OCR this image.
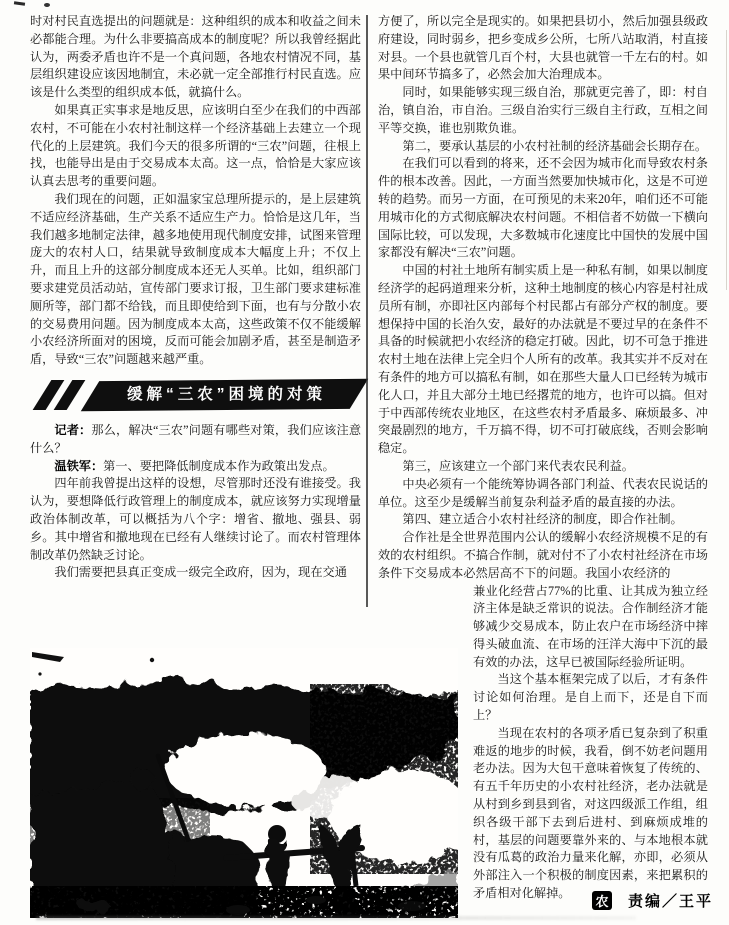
时对村民直选提出的问题就是：这种组织的成本和收益之间未必都能合理。为什么非要搞高成本的制度呢？所以我曾经据此认为，两委矛盾也许不是一个真问题，各地农村情况不同，基层组织建设应该因地制宜，未必就一定全部推行村民直选。应该是什么类型的组织成本低，就搞什么。

如果真正实事求是地反思，应该明白至少在我们的中西部农村，不可能在小农村社制这样一个经济基础上去建立一个现代化的上层建筑。我们今天的很多所谓的“三农”问题，往根上找，也能导出是由于交易成本太高。这一点，恰恰是大家应该认真去思考的重要问题。

我们现在的问题，正如温家宝总理所提示的，是上层建筑不适应经济基础，生产关系不适应生产力。恰恰是这几年，当我们越多地制定法律，越多地使用现代制度安排，试图来管理庞大的农村人口，结果就导致制度成本大幅度上升；不仅上升，而且上升的这部分制度成本还无人买单。比如，组织部门要求建党员活动站，宣传部门要求订报，卫生部门要求建标准厕所等，部门都不给钱，而且即使给到下面，也有与分散小农的交易费用问题。因为制度成本太高，这些政策不仅不能缓解小农经济所面对的困境，反而可能会加剧矛盾，甚至是制造矛盾，导致“三农”问题越来越严重。

缓解“三农”困境的对策

记者：那么，解决“三农”问题有哪些对策，我们应该注意什么？

温铁军：第一、要把降低制度成本作为政策出发点。

四年前我曾提出这样的设想，尽管那时还没有谁接受。我认为，要想降低行政管理上的制度成本，就应该努力实现增量政治体制改革，可以概括为八个字：增省、撤地、强县、弱乡。其中增省和撤地现在已经有人继续讨论了。而农村管理体制改革仍然缺乏讨论。

我们需要把县真正变成一级完全政府，因为，现在交通

方便了，所以完全是现实的。如果把县切小，然后加强县级政府建设，同时弱乡，把乡变成乡公所，七所八站取消，村直接对县。一个县也就管几百个村，大县也就管一千左右的村。如果中间环节搞多了，必然会加大治理成本。

同时，如果能够实现三级自治，那就更完善了，即：村自治，镇自治，市自治。三级自治实行三级自主行政，互相之间平等交换，谁也别欺负谁。

第二，要承认基层的小农村社制的经济基础会长期存在。

在我们可以看到的将来，还不会因为城市化而导致农村条件的根本改善。因此，一方面当然要加快城市化，这是不可逆转的趋势。而另一方面，在可预见的未来20年，咱们还不可能用城市化的方式彻底解决农村问题。不相信者不妨做一下横向国际比较，可以发现，大多数城市化速度比中国快的发展中国家都没有解决“三农”问题。

中国的村社土地所有制实质上是一种私有制，如果以制度经济学的起码道理来分析，这种土地制度的核心内容是村社成员所有制，亦即社区内部每个村民都占有部分产权的制度。要想保持中国的长治久安，最好的办法就是不要过早的在条件不具备的时候就把小农经济的稳定打破。因此，切不可急于推进农村土地在法律上完全归个人所有的改革。我其实并不反对在有条件的地方可以搞私有制，如在那些大量人口已经转为城市化人口，并且大部分土地已经撂荒的地方，也许可以搞。但对于中西部传统农业地区，在这些农村矛盾最多、麻烦最多、冲突最剧烈的地方，千万搞不得，切不可打破底线，否则会影响稳定。

第三，应该建立一个部门来代表农民利益。

中央必须有一个能统筹协调各部门利益、代表农民说话的单位。这至少是缓解当前复杂利益矛盾的最直接的办法。

第四、建立适合小农村社经济的制度，即合作社制。

合作社是全世界范围内公认的缓解小农经济规模不足的有效的农村组织。不搞合作制，就对付不了小农村社经济在市场条件下交易成本必然居高不下的问题。我国小农经济的

兼业化经营占77%的比重、让其成为独立经济主体是缺乏常识的说法。合作制经济才能够减少交易成本，防止农户在市场经济中摔得头破血流、在市场的汪洋大海中下沉的最有效的办法，这早已被国际经验所证明。

当这个基本框架完成了以后，才有条件讨论如何治理。是自上而下，还是自下而上？

当现在农村的各项矛盾已复杂到了积重难返的地步的时候，我看，倒不妨老问题用老办法。因为大包干意味着恢复了传统的、有五千年历史的小农村社经济，老办法就是从村到乡到县到省，对这四级派工作组，组织各级干部下去到后进村、到麻烦成堆的村，基层的问题要靠外来的、与本地根本就没有瓜葛的政治力量来化解，亦即，必须从外部注入一个积极的制度因素，来把累积的矛盾相对化解掉。

农 责编／王平
